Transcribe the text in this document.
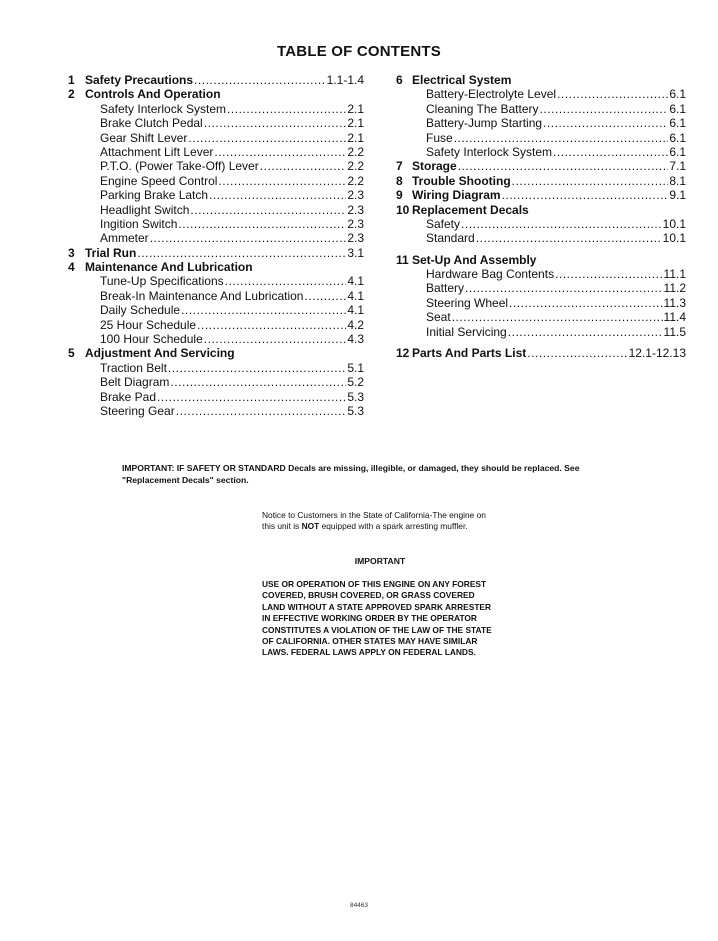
TABLE OF CONTENTS
1 Safety Precautions . . .	1.1-1.4
2 Controls And Operation
Safety Interlock System . . .	2.1
Brake Clutch Pedal . . .	2.1
Gear Shift Lever . . .	2.1
Attachment Lift Lever . . .	2.2
P.T.O. (Power Take-Off) Lever . . .	2.2
Engine Speed Control . . .	2.2
Parking Brake Latch . . .	2.3
Headlight Switch . . .	2.3
Ingition Switch . . .	2.3
Ammeter . . .	2.3
3 Trial Run . . .	3.1
4 Maintenance And Lubrication
Tune-Up Specifications . . .	4.1
Break-In Maintenance And Lubrication . . .	4.1
Daily Schedule . . .	4.1
25 Hour Schedule . . .	4.2
100 Hour Schedule . . .	4.3
5 Adjustment And Servicing
Traction Belt . . .	5.1
Belt Diagram . . .	5.2
Brake Pad . . .	5.3
Steering Gear . . .	5.3
6 Electrical System
Battery-Electrolyte Level . . .	6.1
Cleaning The Battery . . .	6.1
Battery-Jump Starting . . .	6.1
Fuse . . .	6.1
Safety Interlock System . . .	6.1
7 Storage . . .	7.1
8 Trouble Shooting . . .	8.1
9 Wiring Diagram . . .	9.1
10 Replacement Decals
Safety . . .	10.1
Standard . . .	10.1
11 Set-Up And Assembly
Hardware Bag Contents . . .	11.1
Battery . . .	11.2
Steering Wheel . . .	11.3
Seat . . .	11.4
Initial Servicing . . .	11.5
12 Parts And Parts List . . .	12.1-12.13
IMPORTANT: IF SAFETY OR STANDARD Decals are missing, illegible, or damaged, they should be replaced. See "Replacement Decals" section.
Notice to Customers in the State of California-The engine on this unit is NOT equipped with a spark arresting muffler.
IMPORTANT
USE OR OPERATION OF THIS ENGINE ON ANY FOREST COVERED, BRUSH COVERED, OR GRASS COVERED LAND WITHOUT A STATE APPROVED SPARK ARRESTER IN EFFECTIVE WORKING ORDER BY THE OPERATOR CONSTITUTES A VIOLATION OF THE LAW OF THE STATE OF CALIFORNIA. OTHER STATES MAY HAVE SIMILAR LAWS. FEDERAL LAWS APPLY ON FEDERAL LANDS.
84463
